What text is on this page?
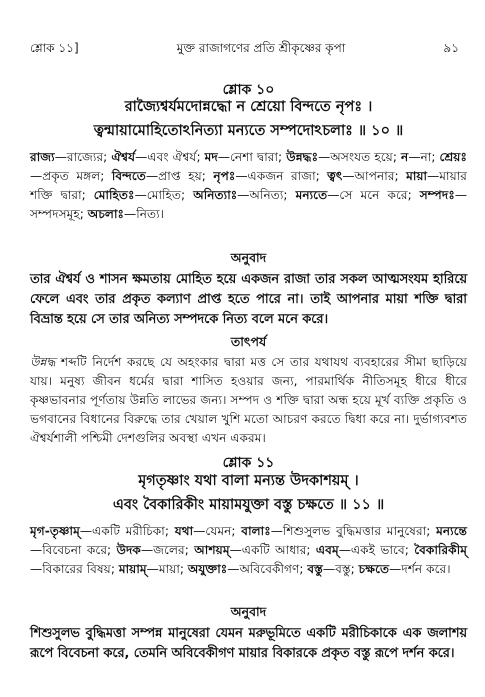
শ্লোক ১১]	মুক্ত রাজাগণের প্রতি শ্রীকৃষ্ণের কৃপা	৯১
শ্লোক ১০
রাজ্যৈশ্বর্যমদোন্নদ্ধো ন শ্রেয়ো বিন্দতে নৃপঃ ।
ত্বন্মায়ামোহিতোঽনিত্যা মন্যতে সম্পদোঽচলাঃ ॥ ১০ ॥
রাজ্য—রাজ্যের; ঐশ্বর্য—এবং ঐশ্বর্য; মদ—নেশা দ্বারা; উন্নদ্ধঃ—অসংযত হয়ে; ন—না; শ্রেয়ঃ—প্রকৃত মঙ্গল; বিন্দতে—প্রাপ্ত হয়; নৃপঃ—একজন রাজা; ত্বৎ—আপনার; মায়া—মায়ার শক্তি দ্বারা; মোহিতঃ—মোহিত; অনিত্যাঃ—অনিত্য; মন্যতে—সে মনে করে; সম্পদঃ—সম্পদসমূহ; অচলাঃ—নিত্য।
অনুবাদ
তার ঐশ্বর্য ও শাসন ক্ষমতায় মোহিত হয়ে একজন রাজা তার সকল আত্মসংযম হারিয়ে ফেলে এবং তার প্রকৃত কল্যাণ প্রাপ্ত হতে পারে না। তাই আপনার মায়া শক্তি দ্বারা বিভ্রান্ত হয়ে সে তার অনিত্য সম্পদকে নিত্য বলে মনে করে।
তাৎপর্য
উন্নদ্ধ শব্দটি নির্দেশ করছে যে অহংকার দ্বারা মত্ত সে তার যথাযথ ব্যবহারের সীমা ছাড়িয়ে যায়। মনুষ্য জীবন ধর্মের দ্বারা শাসিত হওয়ার জন্য, পারমার্থিক নীতিসমূহ ধীরে ধীরে কৃষ্ণভাবনার পূর্ণতায় উন্নতি লাভের জন্য। সম্পদ ও শক্তি দ্বারা অন্ধ হয়ে মূর্খ ব্যক্তি প্রকৃতি ও ভগবানের বিধানের বিরুদ্ধে তার খেয়াল খুশি মতো আচরণ করতে দ্বিধা করে না। দুর্ভাগ্যবশত ঐশ্বর্যশালী পশ্চিমী দেশগুলির অবস্থা এখন একরম।
শ্লোক ১১
মৃগতৃষ্ণাং যথা বালা মন্যন্ত উদকাশয়ম্ ।
এবং বৈকারিকীং মায়ামযুক্তা বস্তু চক্ষতে ॥ ১১ ॥
মৃগ-তৃষ্ণাম্—একটি মরীচিকা; যথা—যেমন; বালাঃ—শিশুসুলভ বুদ্ধিমত্তার মানুষেরা; মন্যন্তে—বিবেচনা করে; উদক—জলের; আশয়ম্—একটি আধার; এবম্—একই ভাবে; বৈকারিকীম্—বিকারের বিষয়; মায়াম্—মায়া; অযুক্তাঃ—অবিবেকীগণ; বস্তু—বস্তু; চক্ষতে—দর্শন করে।
অনুবাদ
শিশুসুলভ বুদ্ধিমত্তা সম্পন্ন মানুষেরা যেমন মরুভূমিতে একটি মরীচিকাকে এক জলাশয় রূপে বিবেচনা করে, তেমনি অবিবেকীগণ মায়ার বিকারকে প্রকৃত বস্তু রূপে দর্শন করে।
